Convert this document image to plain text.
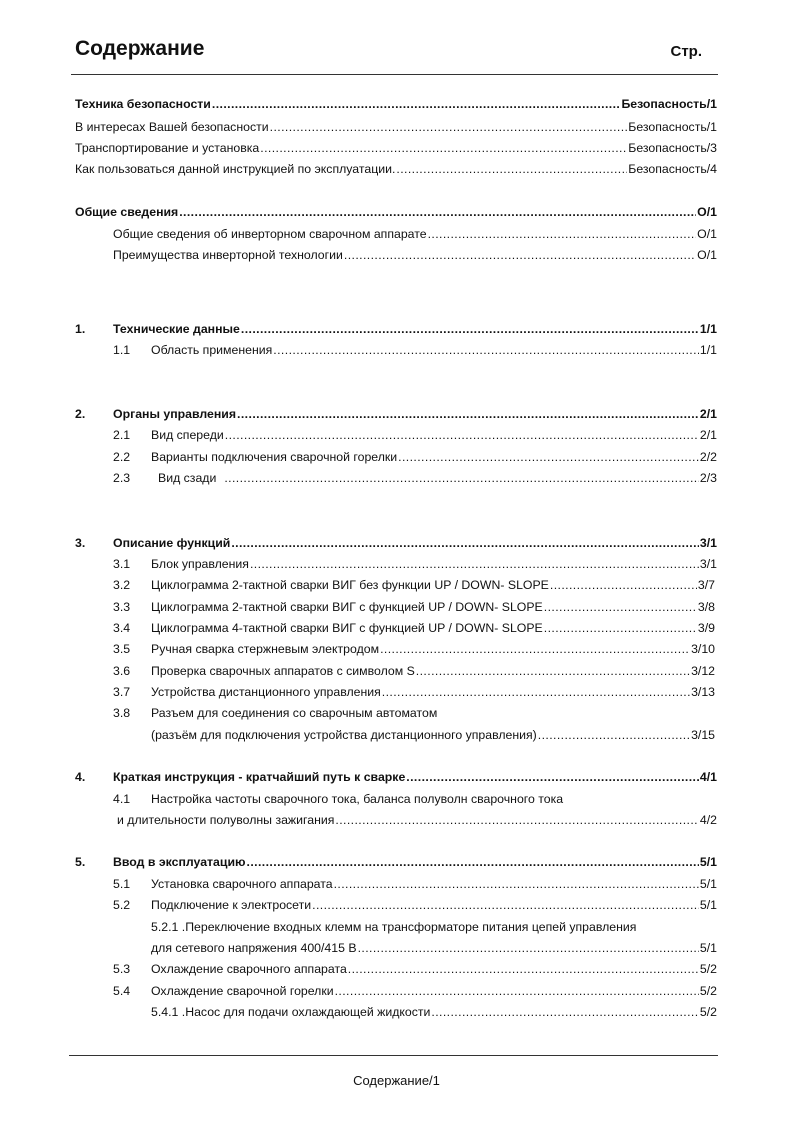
Содержание	Стр.
Техника безопасности .....	Безопасность/1
В интересах Вашей безопасности .....	Безопасность/1
Транспортирование и установка .....	Безопасность/3
Как пользоваться данной инструкцией по эксплуатации. .....	Безопасность/4
Общие сведения .....	O/1
Общие сведения об инверторном сварочном аппарате .....	O/1
Преимущества инверторной технологии .....	O/1
1. Технические данные .....	1/1
1.1 Область применения .....	1/1
2. Органы управления .....	2/1
2.1 Вид спереди .....	2/1
2.2 Варианты подключения сварочной горелки .....	2/2
2.3 Вид сзади .....	2/3
3. Описание функций .....	3/1
3.1 Блок управления .....	3/1
3.2 Циклограмма 2-тактной сварки ВИГ без функции UP / DOWN- SLOPE .....	3/7
3.3 Циклограмма 2-тактной сварки ВИГ с функцией UP / DOWN- SLOPE .....	3/8
3.4 Циклограмма 4-тактной сварки ВИГ с функцией UP / DOWN- SLOPE .....	3/9
3.5 Ручная сварка стержневым электродом .....	3/10
3.6 Проверка сварочных аппаратов с символом S .....	3/12
3.7 Устройства дистанционного управления .....	3/13
3.8 Разъем для соединения со сварочным автоматом
(разъём для подключения устройства дистанционного управления) .....	3/15
4. Краткая инструкция - кратчайший путь к сварке .....	4/1
4.1 Настройка частоты сварочного тока, баланса полуволн сварочного тока
и длительности полуволны зажигания .....	4/2
5. Ввод в эксплуатацию .....	5/1
5.1 Установка сварочного аппарата .....	5/1
5.2 Подключение к электросети .....	5/1
5.2.1 .Переключение входных клемм на трансформаторе питания цепей управления
для сетевого напряжения 400/415 В .....	5/1
5.3 Охлаждение сварочного аппарата .....	5/2
5.4 Охлаждение сварочной горелки .....	5/2
5.4.1 .Насос для подачи охлаждающей жидкости .....	5/2
Содержание/1
